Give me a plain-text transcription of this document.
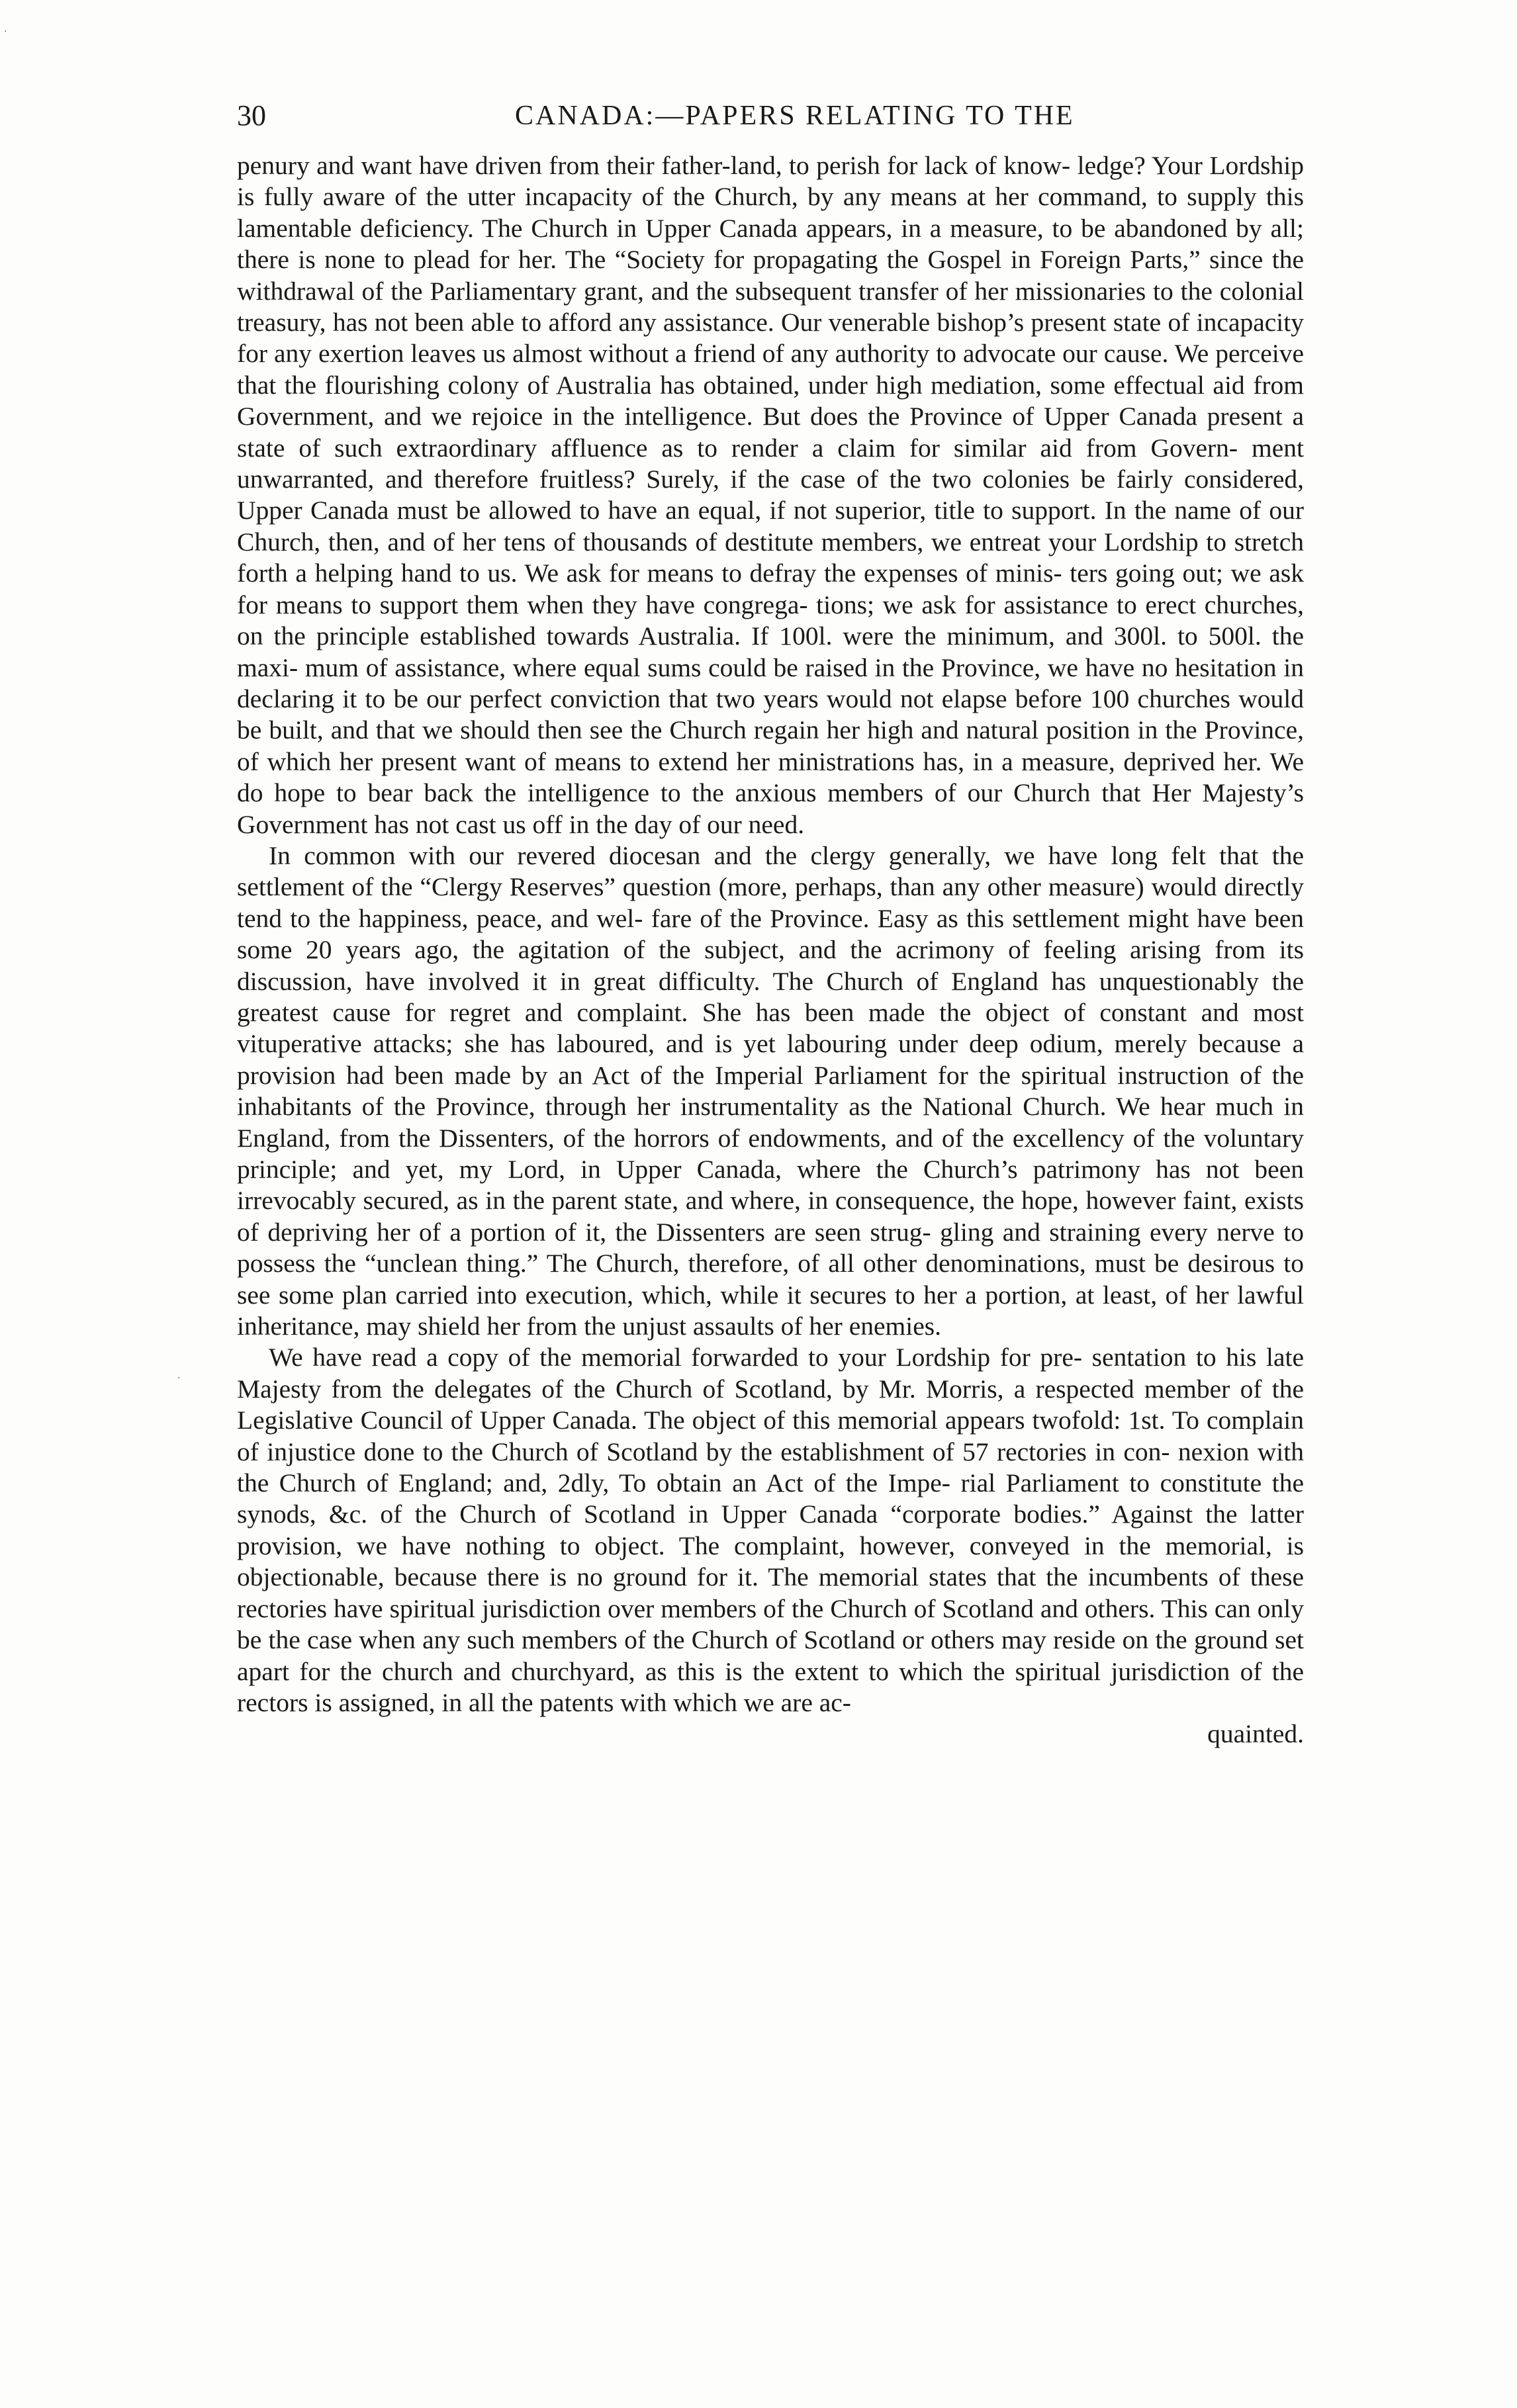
30	CANADA:—PAPERS RELATING TO THE

penury and want have driven from their father-land, to perish for lack of know- ledge? Your Lordship is fully aware of the utter incapacity of the Church, by any means at her command, to supply this lamentable deficiency. The Church in Upper Canada appears, in a measure, to be abandoned by all; there is none to plead for her. The “Society for propagating the Gospel in Foreign Parts,” since the withdrawal of the Parliamentary grant, and the subsequent transfer of her missionaries to the colonial treasury, has not been able to afford any assistance. Our venerable bishop’s present state of incapacity for any exertion leaves us almost without a friend of any authority to advocate our cause. We perceive that the flourishing colony of Australia has obtained, under high mediation, some effectual aid from Government, and we rejoice in the intelligence. But does the Province of Upper Canada present a state of such extraordinary affluence as to render a claim for similar aid from Govern- ment unwarranted, and therefore fruitless? Surely, if the case of the two colonies be fairly considered, Upper Canada must be allowed to have an equal, if not superior, title to support. In the name of our Church, then, and of her tens of thousands of destitute members, we entreat your Lordship to stretch forth a helping hand to us. We ask for means to defray the expenses of minis- ters going out; we ask for means to support them when they have congrega- tions; we ask for assistance to erect churches, on the principle established towards Australia. If 100l. were the minimum, and 300l. to 500l. the maxi- mum of assistance, where equal sums could be raised in the Province, we have no hesitation in declaring it to be our perfect conviction that two years would not elapse before 100 churches would be built, and that we should then see the Church regain her high and natural position in the Province, of which her present want of means to extend her ministrations has, in a measure, deprived her. We do hope to bear back the intelligence to the anxious members of our Church that Her Majesty’s Government has not cast us off in the day of our need.

In common with our revered diocesan and the clergy generally, we have long felt that the settlement of the “Clergy Reserves” question (more, perhaps, than any other measure) would directly tend to the happiness, peace, and wel- fare of the Province. Easy as this settlement might have been some 20 years ago, the agitation of the subject, and the acrimony of feeling arising from its discussion, have involved it in great difficulty. The Church of England has unquestionably the greatest cause for regret and complaint. She has been made the object of constant and most vituperative attacks; she has laboured, and is yet labouring under deep odium, merely because a provision had been made by an Act of the Imperial Parliament for the spiritual instruction of the inhabitants of the Province, through her instrumentality as the National Church. We hear much in England, from the Dissenters, of the horrors of endowments, and of the excellency of the voluntary principle; and yet, my Lord, in Upper Canada, where the Church’s patrimony has not been irrevocably secured, as in the parent state, and where, in consequence, the hope, however faint, exists of depriving her of a portion of it, the Dissenters are seen strug- gling and straining every nerve to possess the “unclean thing.” The Church, therefore, of all other denominations, must be desirous to see some plan carried into execution, which, while it secures to her a portion, at least, of her lawful inheritance, may shield her from the unjust assaults of her enemies.

We have read a copy of the memorial forwarded to your Lordship for pre- sentation to his late Majesty from the delegates of the Church of Scotland, by Mr. Morris, a respected member of the Legislative Council of Upper Canada. The object of this memorial appears twofold: 1st. To complain of injustice done to the Church of Scotland by the establishment of 57 rectories in con- nexion with the Church of England; and, 2dly, To obtain an Act of the Impe- rial Parliament to constitute the synods, &c. of the Church of Scotland in Upper Canada “corporate bodies.” Against the latter provision, we have nothing to object. The complaint, however, conveyed in the memorial, is objectionable, because there is no ground for it. The memorial states that the incumbents of these rectories have spiritual jurisdiction over members of the Church of Scotland and others. This can only be the case when any such members of the Church of Scotland or others may reside on the ground set apart for the church and churchyard, as this is the extent to which the spiritual jurisdiction of the rectors is assigned, in all the patents with which we are ac-

quainted.

·
·
